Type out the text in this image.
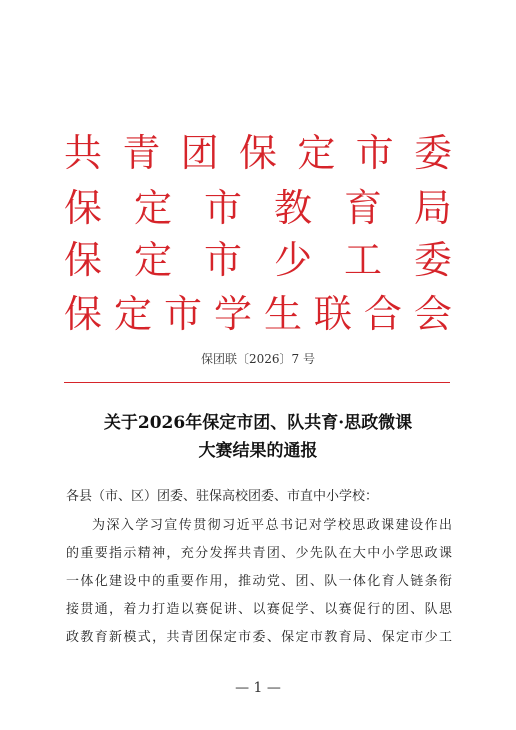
共 青 团 保 定 市 委
保 定 市 教 育 局
保 定 市 少 工 委
保 定 市 学 生 联 合 会
保团联〔2026〕7 号
关于2026年保定市团、队共育·思政微课
大赛结果的通报
各县（市、区）团委、驻保高校团委、市直中小学校：
为深入学习宣传贯彻习近平总书记对学校思政课建设作出
的重要指示精神，充分发挥共青团、少先队在大中小学思政课
一体化建设中的重要作用，推动党、团、队一体化育人链条衔
接贯通，着力打造以赛促讲、以赛促学、以赛促行的团、队思
政教育新模式，共青团保定市委、保定市教育局、保定市少工
— 1 —
